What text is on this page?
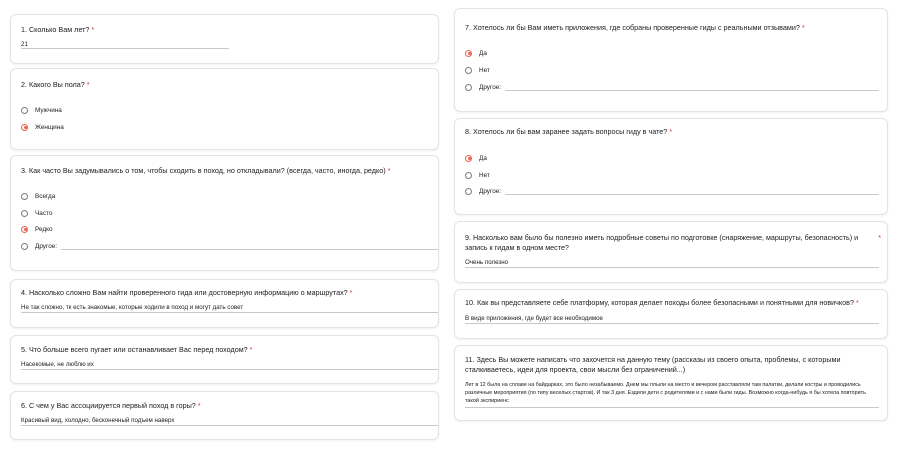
1. Сколько Вам лет? *
21
2. Какого Вы пола? *
Мужчина
Женщина
3. Как часто Вы задумывались о том, чтобы сходить в поход, но откладывали? (всегда, часто, иногда, редко) *
Всегда
Часто
Редко
Другое:
4. Насколько сложно Вам найти проверенного гида или достоверную информацию о маршрутах? *
Не так сложно, тк есть знакомые, которые ходили в поход и могут дать совет
5. Что больше всего пугает или останавливает Вас перед походом? *
Насекомые, не люблю их
6. С чем у Вас ассоциируется первый поход в горы? *
Красивый вид, холодно, бесконечный подъем наверх
7. Хотелось ли бы Вам иметь приложения, где собраны проверенные гиды с реальными отзывами? *
Да
Нет
Другое:
8. Хотелось ли бы вам заранее задать вопросы гиду в чате? *
Да
Нет
Другое:
9. Насколько вам было бы полезно иметь подробные советы по подготовке (снаряжение, маршруты, безопасность) и запись к гидам в одном месте?
*
Очень полезно
10. Как вы представляете себе платформу, которая делает походы более безопасными и понятными для новичков? *
В виде приложения, где будет все необходимое
11. Здесь Вы можете написать что захочется на данную тему (рассказы из своего опыта, проблемы, с которыми сталкиваетесь, идеи для проекта, свои мысли без ограничений...)
Лет в 12 была на сплаве на байдарках, это было незабываемо. Днем мы плыли на место и вечером расставляли там палатки, делали костры и проводились различные мероприятия (по типу веселых стартов). И так 3 дня. Ездили дети с родителями и с нами были гиды. Возможно когда-нибудь я бы хотела повторить такой экспириенс
